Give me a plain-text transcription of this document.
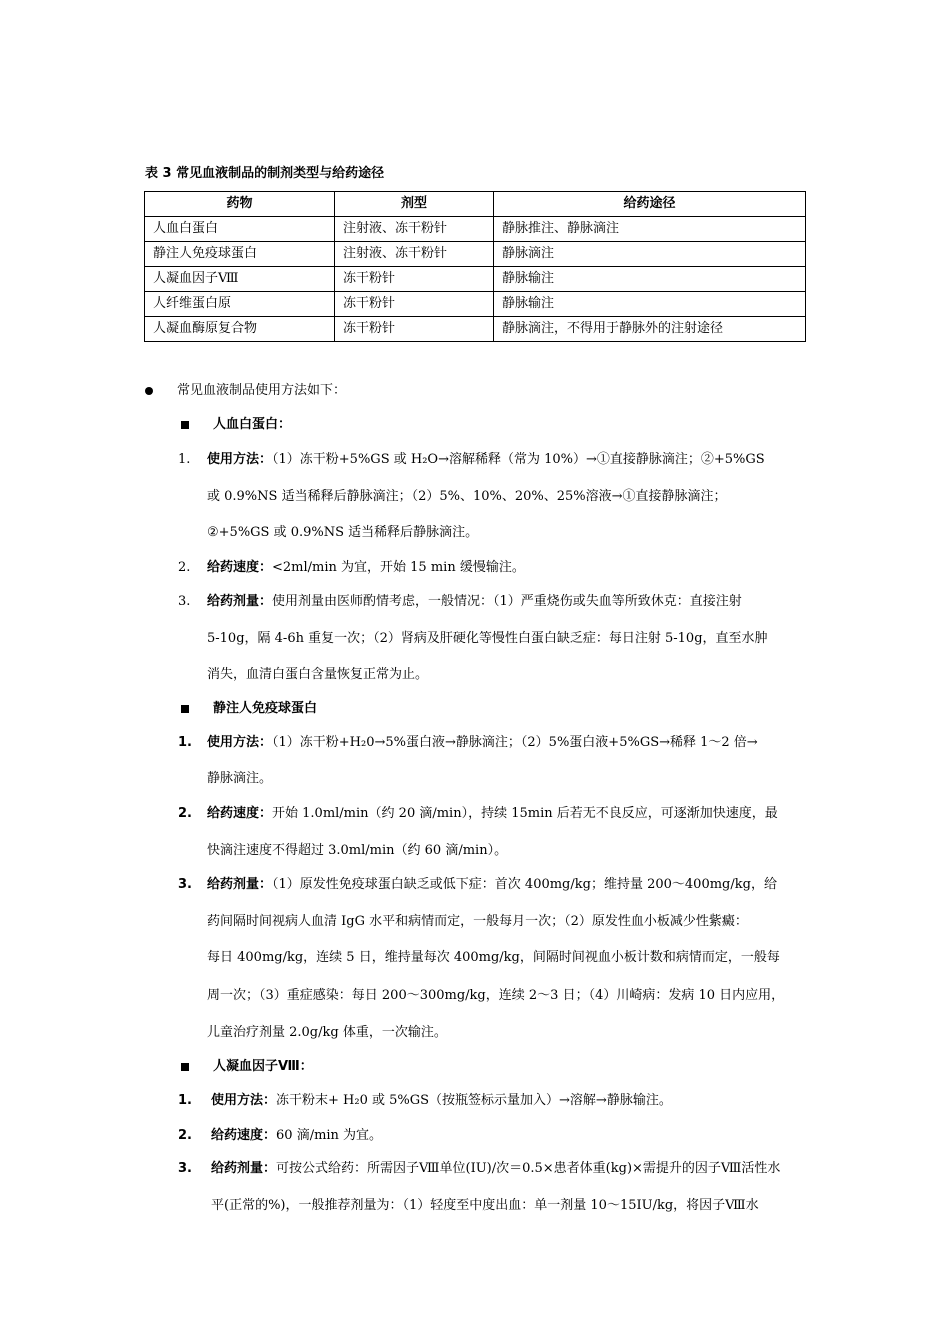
表 3 常见血液制品的制剂类型与给药途径
药物	剂型	给药途径
人血白蛋白	注射液、冻干粉针	静脉推注、静脉滴注
静注人免疫球蛋白	注射液、冻干粉针	静脉滴注
人凝血因子Ⅷ	冻干粉针	静脉输注
人纤维蛋白原	冻干粉针	静脉输注
人凝血酶原复合物	冻干粉针	静脉滴注，不得用于静脉外的注射途径
常见血液制品使用方法如下：
人血白蛋白：
1. 使用方法：（1）冻干粉+5%GS 或 H₂O→溶解稀释（常为 10%）→①直接静脉滴注；②+5%GS
或 0.9%NS 适当稀释后静脉滴注；（2）5%、10%、20%、25%溶液→①直接静脉滴注；
②+5%GS 或 0.9%NS 适当稀释后静脉滴注。
2. 给药速度：<2ml/min 为宜，开始 15 min 缓慢输注。
3. 给药剂量：使用剂量由医师酌情考虑，一般情况：（1）严重烧伤或失血等所致休克：直接注射
5-10g，隔 4-6h 重复一次；（2）肾病及肝硬化等慢性白蛋白缺乏症：每日注射 5-10g，直至水肿
消失，血清白蛋白含量恢复正常为止。
静注人免疫球蛋白
1. 使用方法：（1）冻干粉+H₂0→5%蛋白液→静脉滴注；（2）5%蛋白液+5%GS→稀释 1～2 倍→
静脉滴注。
2. 给药速度：开始 1.0ml/min（约 20 滴/min），持续 15min 后若无不良反应，可逐渐加快速度，最
快滴注速度不得超过 3.0ml/min（约 60 滴/min）。
3. 给药剂量：（1）原发性免疫球蛋白缺乏或低下症：首次 400mg/kg；维持量 200～400mg/kg，给
药间隔时间视病人血清 IgG 水平和病情而定，一般每月一次；（2）原发性血小板减少性紫癜：
每日 400mg/kg，连续 5 日，维持量每次 400mg/kg，间隔时间视血小板计数和病情而定，一般每
周一次；（3）重症感染：每日 200～300mg/kg，连续 2～3 日；（4）川崎病：发病 10 日内应用，
儿童治疗剂量 2.0g/kg 体重，一次输注。
人凝血因子Ⅷ：
1. 使用方法：冻干粉末+ H₂0 或 5%GS（按瓶签标示量加入）→溶解→静脉输注。
2. 给药速度：60 滴/min 为宜。
3. 给药剂量：可按公式给药：所需因子Ⅷ单位(IU)/次＝0.5×患者体重(kg)×需提升的因子Ⅷ活性水
平(正常的%)，一般推荐剂量为：（1）轻度至中度出血：单一剂量 10～15IU/kg，将因子Ⅷ水
